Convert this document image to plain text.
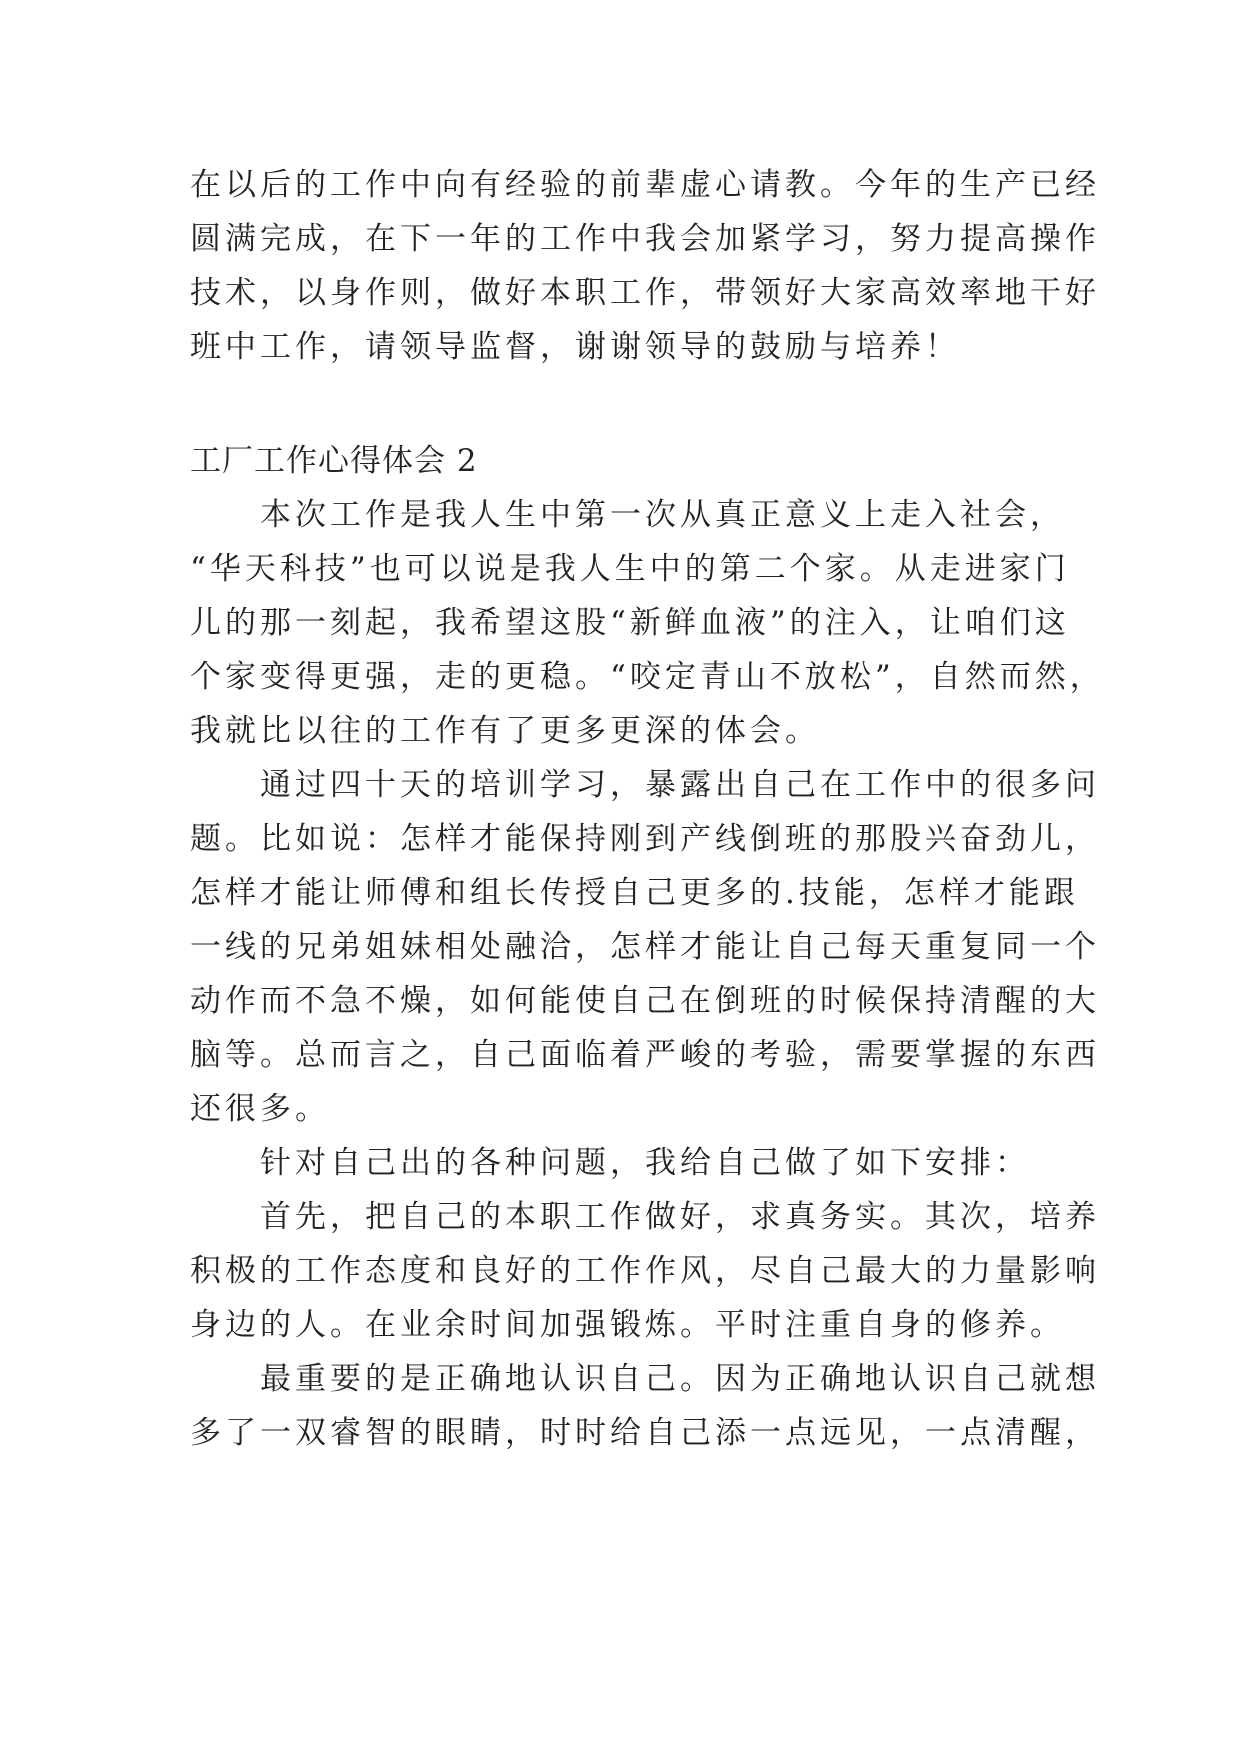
在以后的工作中向有经验的前辈虚心请教。今年的生产已经
圆满完成，在下一年的工作中我会加紧学习，努力提高操作
技术，以身作则，做好本职工作，带领好大家高效率地干好
班中工作，请领导监督，谢谢领导的鼓励与培养！
工厂工作心得体会 2
　　本次工作是我人生中第一次从真正意义上走入社会，
“华天科技”也可以说是我人生中的第二个家。从走进家门
儿的那一刻起，我希望这股“新鲜血液”的注入，让咱们这
个家变得更强，走的更稳。“咬定青山不放松”，自然而然，
我就比以往的工作有了更多更深的体会。
　　通过四十天的培训学习，暴露出自己在工作中的很多问
题。比如说：怎样才能保持刚到产线倒班的那股兴奋劲儿，
怎样才能让师傅和组长传授自己更多的.技能，怎样才能跟
一线的兄弟姐妹相处融洽，怎样才能让自己每天重复同一个
动作而不急不燥，如何能使自己在倒班的时候保持清醒的大
脑等。总而言之，自己面临着严峻的考验，需要掌握的东西
还很多。
　　针对自己出的各种问题，我给自己做了如下安排：
　　首先，把自己的本职工作做好，求真务实。其次，培养
积极的工作态度和良好的工作作风，尽自己最大的力量影响
身边的人。在业余时间加强锻炼。平时注重自身的修养。
　　最重要的是正确地认识自己。因为正确地认识自己就想
多了一双睿智的眼睛，时时给自己添一点远见，一点清醒，
